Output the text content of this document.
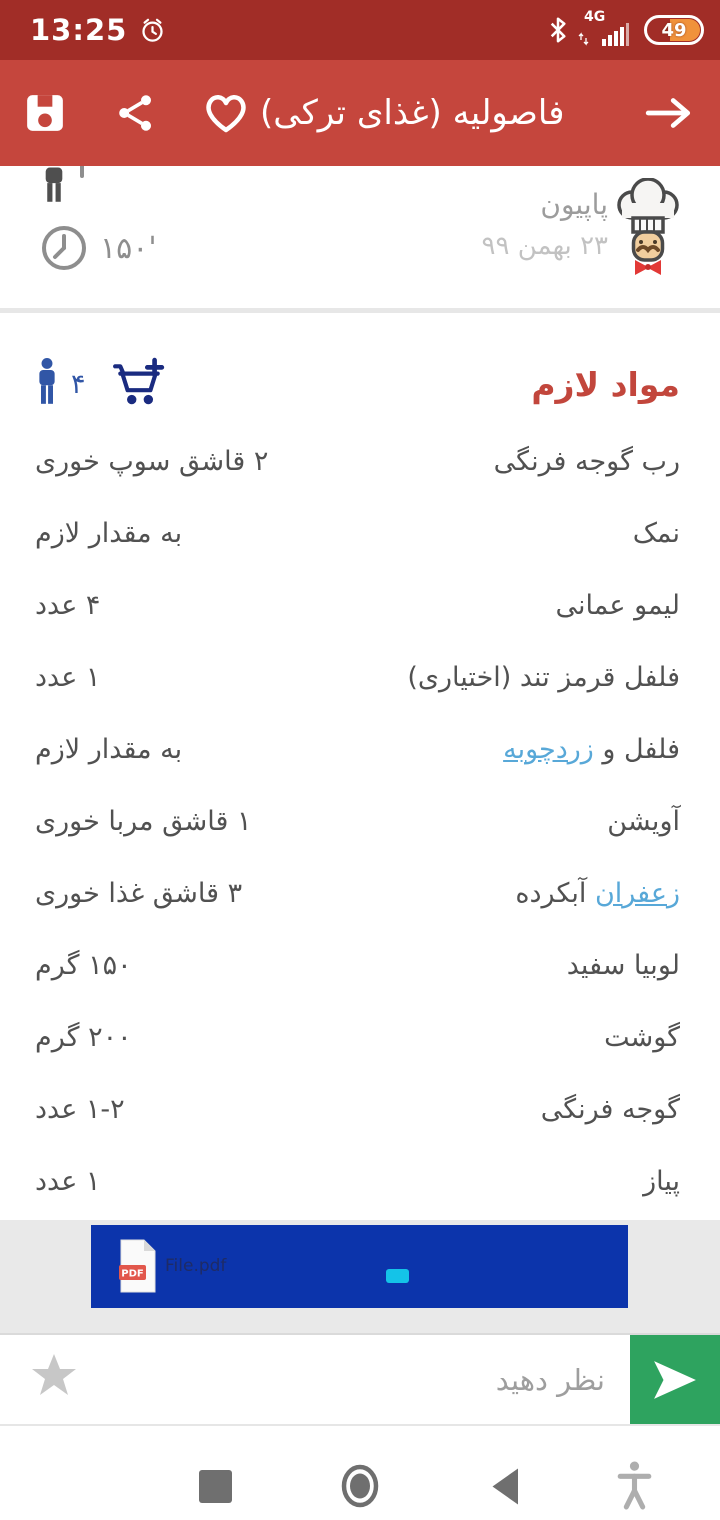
13:25	4G
49
فاصولیه (غذای ترکی)
۱۵۰'
پاپیون
۲۳ بهمن ۹۹
مواد لازم
۴
رب گوجه فرنگی
۲ قاشق سوپ خوری
نمک
به مقدار لازم
لیمو عمانی
۴ عدد
فلفل قرمز تند (اختیاری)
۱ عدد
فلفل و زردچوبه
به مقدار لازم
آویشن
۱ قاشق مربا خوری
زعفران آبکرده
۳ قاشق غذا خوری
لوبیا سفید
۱۵۰ گرم
گوشت
۲۰۰ گرم
گوجه فرنگی
۱-۲ عدد
پیاز
۱ عدد
PDF File.pdf
نظر دهید
